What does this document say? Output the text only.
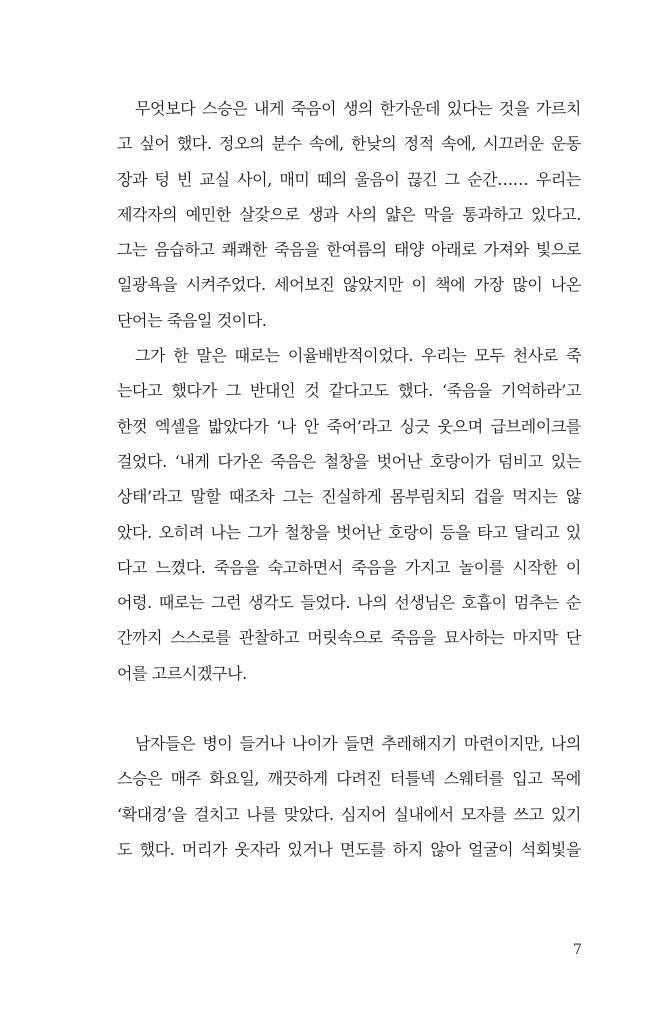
무엇보다 스승은 내게 죽음이 생의 한가운데 있다는 것을 가르치
고 싶어 했다. 정오의 분수 속에, 한낮의 정적 속에, 시끄러운 운동
장과 텅 빈 교실 사이, 매미 떼의 울음이 끊긴 그 순간…… 우리는
제각자의 예민한 살갗으로 생과 사의 얇은 막을 통과하고 있다고.
그는 음습하고 쾌쾌한 죽음을 한여름의 태양 아래로 가져와 빛으로
일광욕을 시켜주었다. 세어보진 않았지만 이 책에 가장 많이 나온
단어는 죽음일 것이다.
그가 한 말은 때로는 이율배반적이었다. 우리는 모두 천사로 죽
는다고 했다가 그 반대인 것 같다고도 했다. ‘죽음을 기억하라’고
한껏 엑셀을 밟았다가 ‘나 안 죽어’라고 싱긋 웃으며 급브레이크를
걸었다. ‘내게 다가온 죽음은 철창을 벗어난 호랑이가 덤비고 있는
상태’라고 말할 때조차 그는 진실하게 몸부림치되 겁을 먹지는 않
았다. 오히려 나는 그가 철창을 벗어난 호랑이 등을 타고 달리고 있
다고 느꼈다. 죽음을 숙고하면서 죽음을 가지고 놀이를 시작한 이
어령. 때로는 그런 생각도 들었다. 나의 선생님은 호흡이 멈추는 순
간까지 스스로를 관찰하고 머릿속으로 죽음을 묘사하는 마지막 단
어를 고르시겠구나.
남자들은 병이 들거나 나이가 들면 추레해지기 마련이지만, 나의
스승은 매주 화요일, 깨끗하게 다려진 터틀넥 스웨터를 입고 목에
‘확대경’을 걸치고 나를 맞았다. 심지어 실내에서 모자를 쓰고 있기
도 했다. 머리가 웃자라 있거나 면도를 하지 않아 얼굴이 석회빛을
7
